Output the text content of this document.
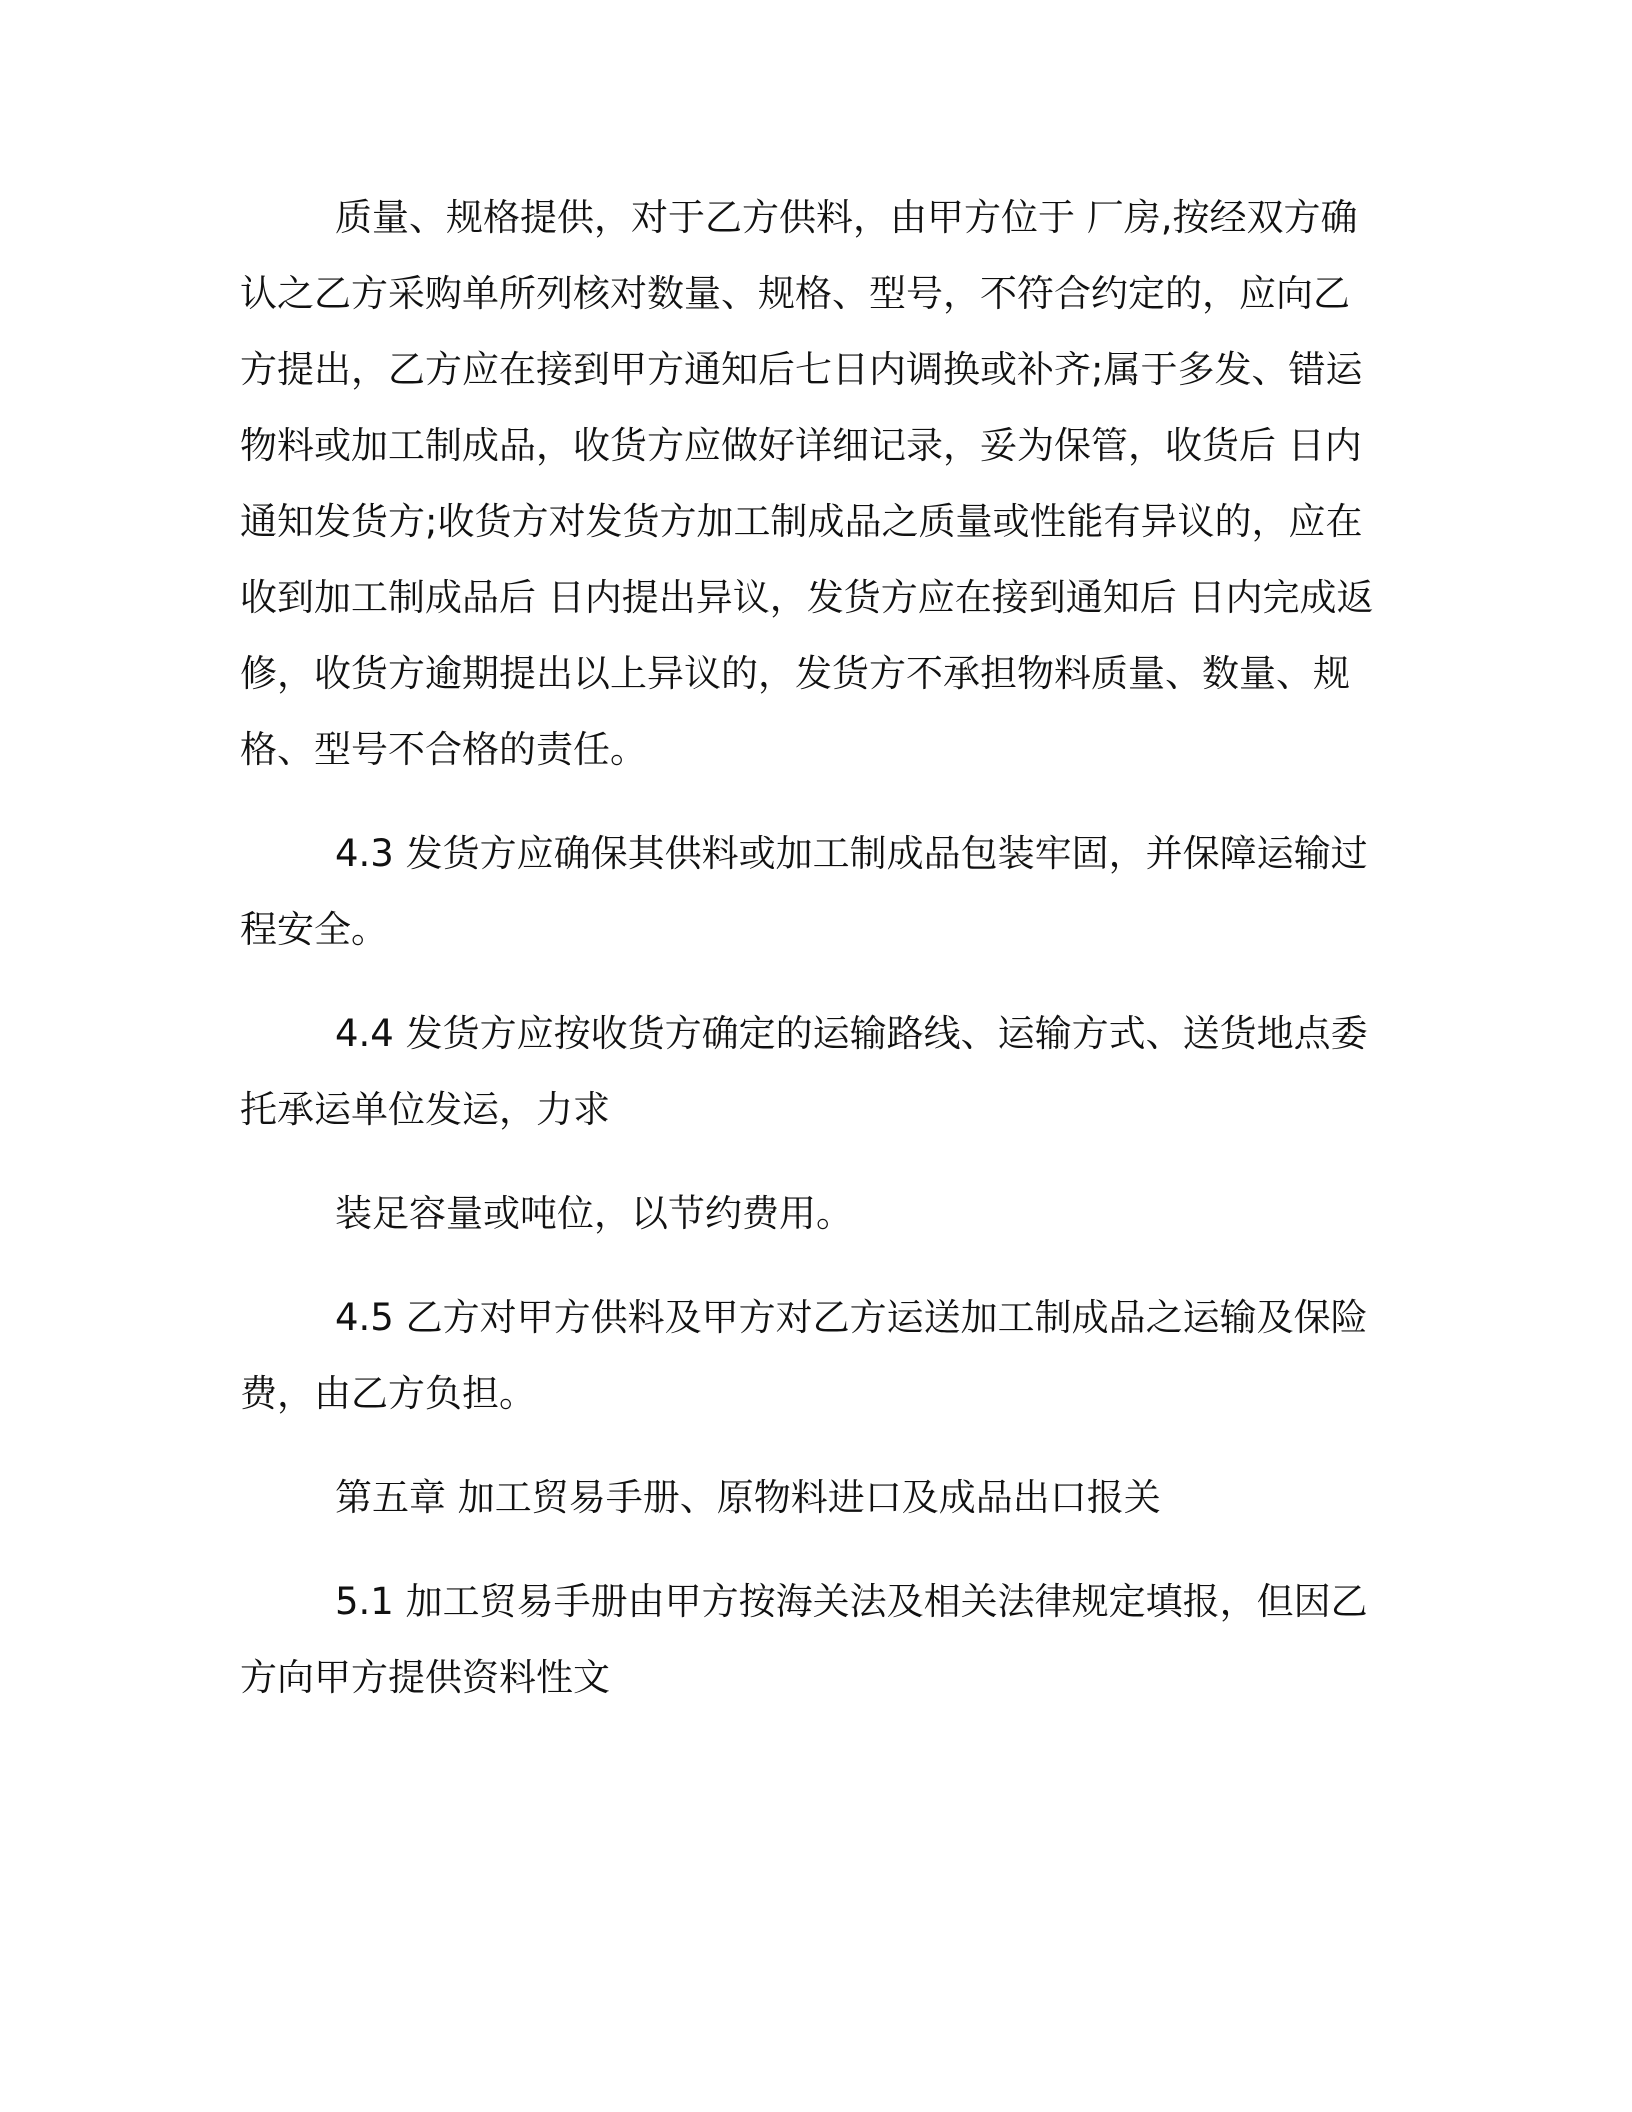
质量、规格提供，对于乙方供料，由甲方位于 厂房,按经双方确
认之乙方采购单所列核对数量、规格、型号，不符合约定的，应向乙
方提出，乙方应在接到甲方通知后七日内调换或补齐;属于多发、错运
物料或加工制成品，收货方应做好详细记录，妥为保管，收货后 日内
通知发货方;收货方对发货方加工制成品之质量或性能有异议的，应在
收到加工制成品后 日内提出异议，发货方应在接到通知后 日内完成返
修，收货方逾期提出以上异议的，发货方不承担物料质量、数量、规
格、型号不合格的责任。
4.3 发货方应确保其供料或加工制成品包装牢固，并保障运输过
程安全。
4.4 发货方应按收货方确定的运输路线、运输方式、送货地点委
托承运单位发运，力求
装足容量或吨位，以节约费用。
4.5 乙方对甲方供料及甲方对乙方运送加工制成品之运输及保险
费，由乙方负担。
第五章 加工贸易手册、原物料进口及成品出口报关
5.1 加工贸易手册由甲方按海关法及相关法律规定填报，但因乙
方向甲方提供资料性文
